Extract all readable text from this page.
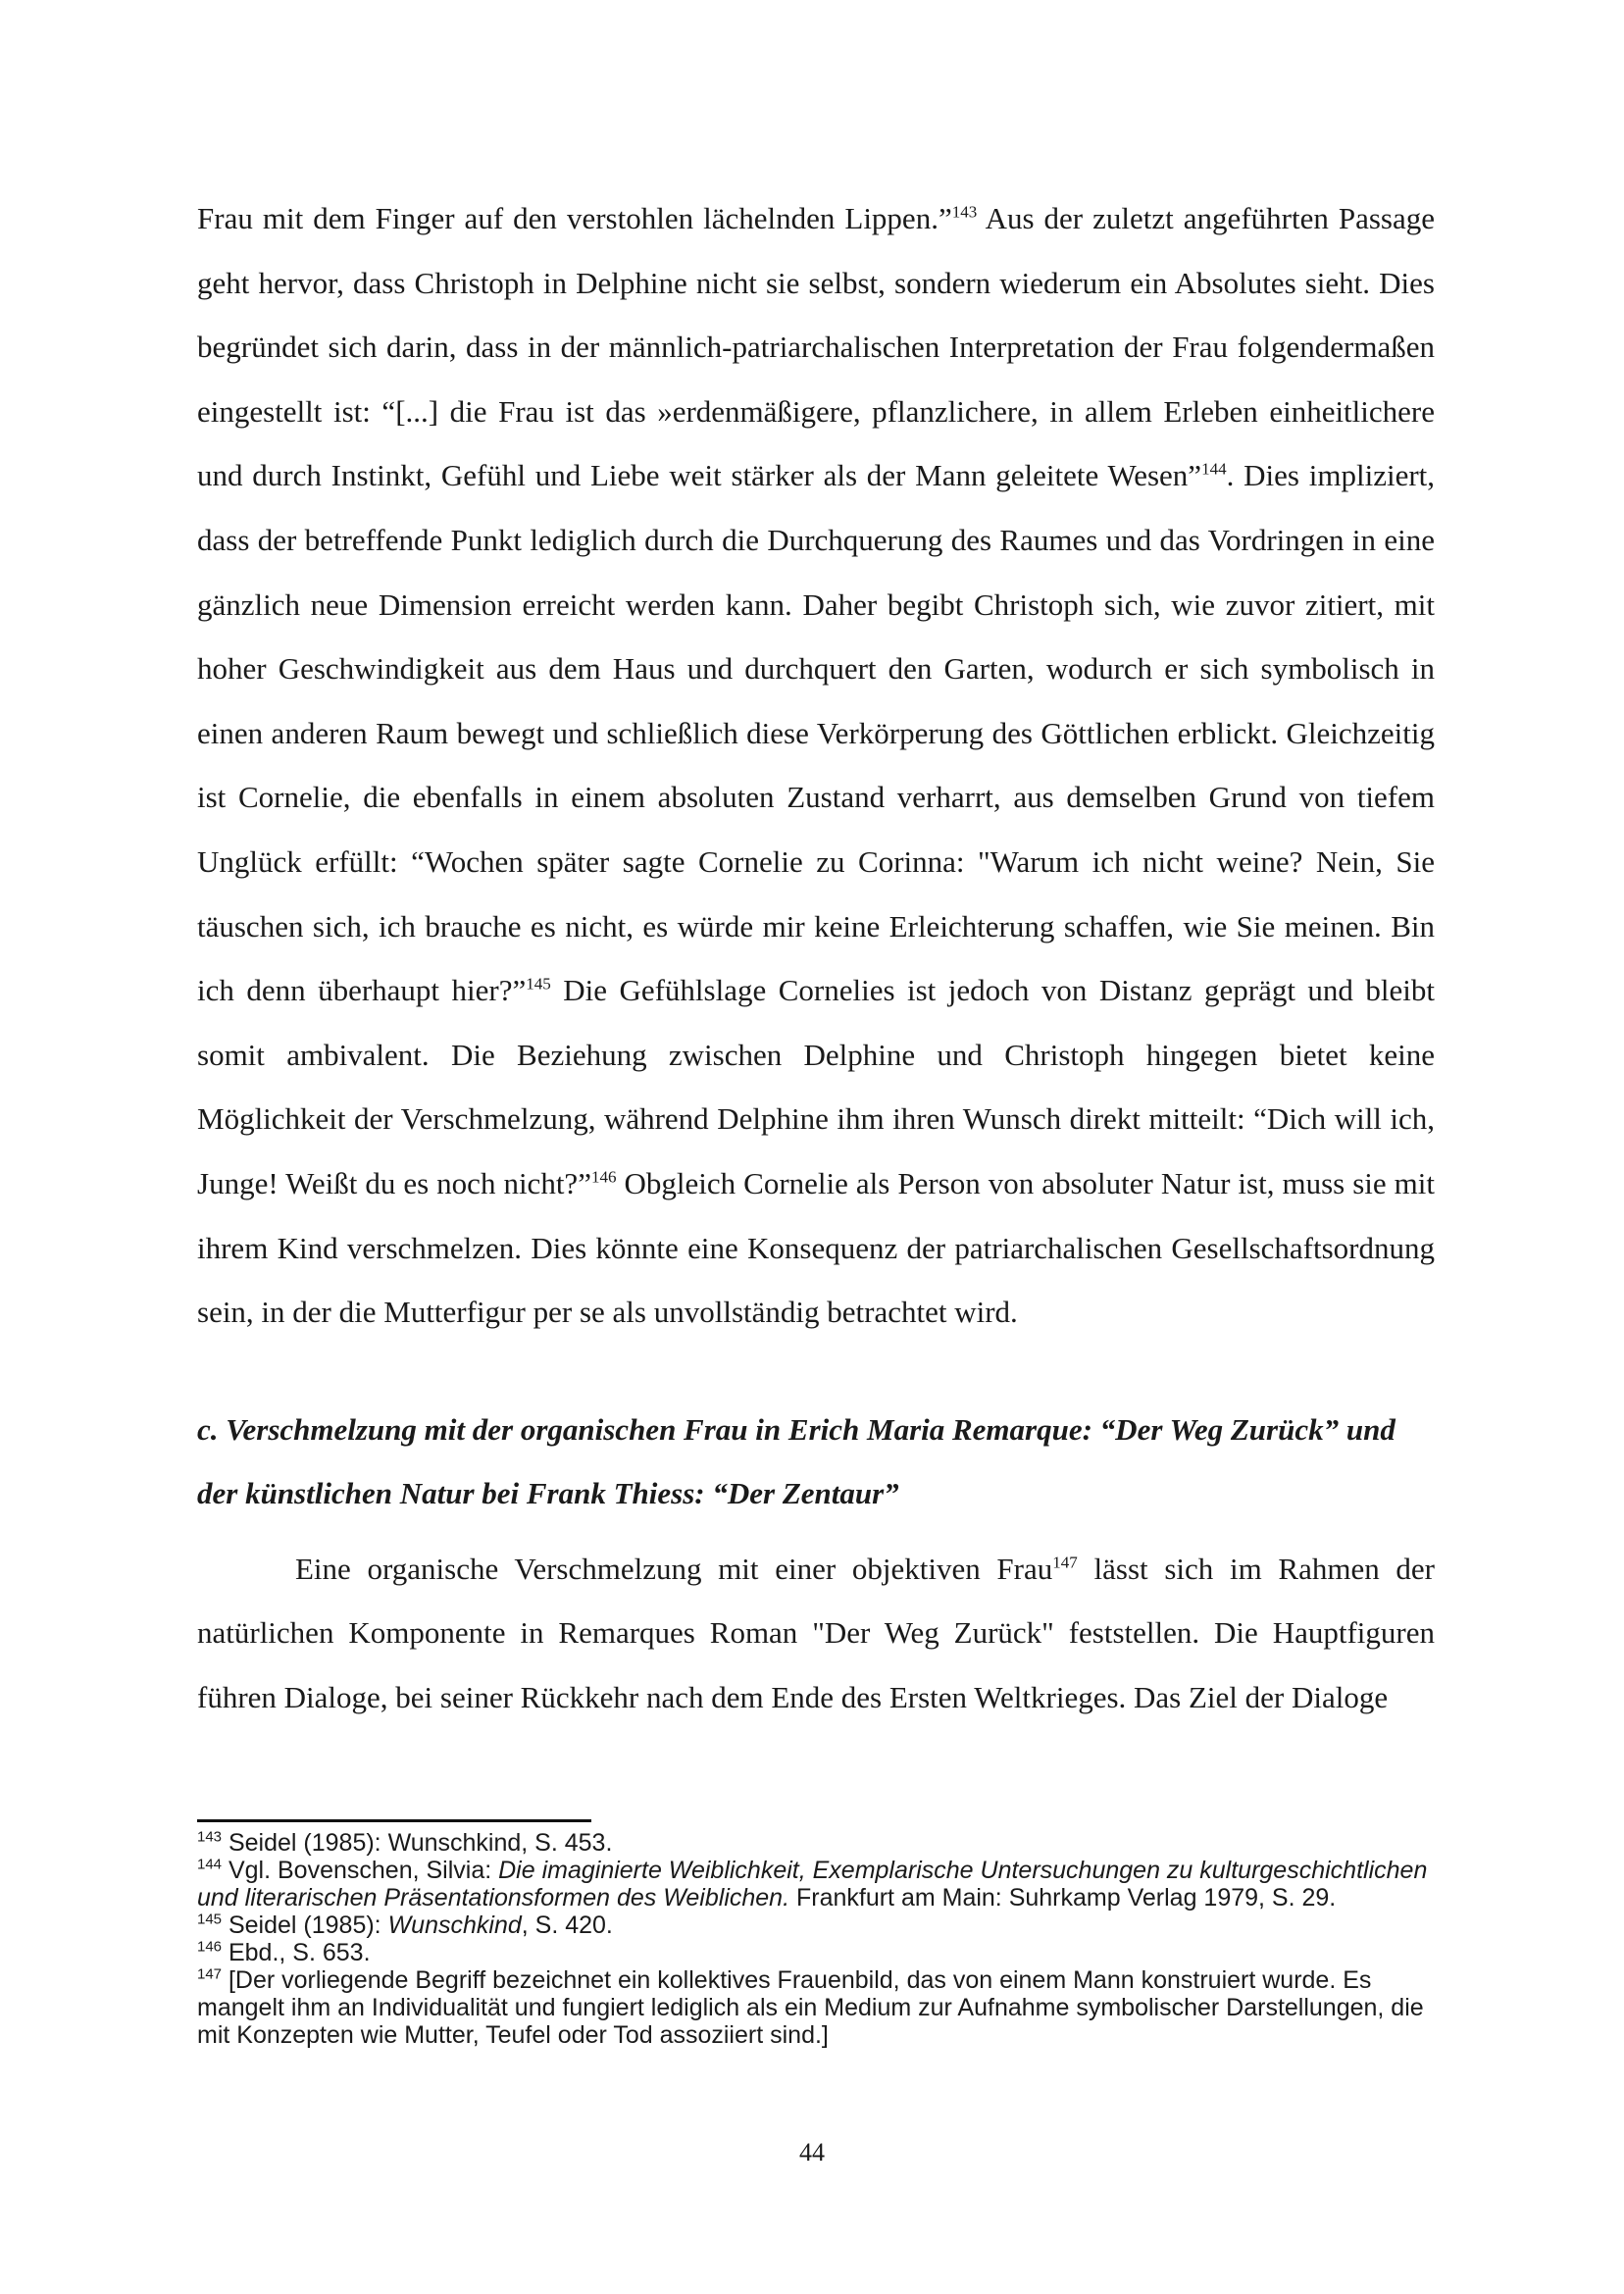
Frau mit dem Finger auf den verstohlen lächelnden Lippen.”$^{143}$ Aus der zuletzt angeführten Passage geht hervor, dass Christoph in Delphine nicht sie selbst, sondern wiederum ein Absolutes sieht. Dies begründet sich darin, dass in der männlich-patriarchalischen Interpretation der Frau folgendermaßen eingestellt ist: “[...] die Frau ist das »erdenmäßigere, pflanzlichere, in allem Erleben einheitlichere und durch Instinkt, Gefühl und Liebe weit stärker als der Mann geleitete Wesen”$^{144}$. Dies impliziert, dass der betreffende Punkt lediglich durch die Durchquerung des Raumes und das Vordringen in eine gänzlich neue Dimension erreicht werden kann. Daher begibt Christoph sich, wie zuvor zitiert, mit hoher Geschwindigkeit aus dem Haus und durchquert den Garten, wodurch er sich symbolisch in einen anderen Raum bewegt und schließlich diese Verkörperung des Göttlichen erblickt. Gleichzeitig ist Cornelie, die ebenfalls in einem absoluten Zustand verharrt, aus demselben Grund von tiefem Unglück erfüllt: “Wochen später sagte Cornelie zu Corinna: "Warum ich nicht weine? Nein, Sie täuschen sich, ich brauche es nicht, es würde mir keine Erleichterung schaffen, wie Sie meinen. Bin ich denn überhaupt hier?”$^{145}$ Die Gefühlslage Cornelies ist jedoch von Distanz geprägt und bleibt somit ambivalent. Die Beziehung zwischen Delphine und Christoph hingegen bietet keine Möglichkeit der Verschmelzung, während Delphine ihm ihren Wunsch direkt mitteilt: “Dich will ich, Junge! Weißt du es noch nicht?”$^{146}$ Obgleich Cornelie als Person von absoluter Natur ist, muss sie mit ihrem Kind verschmelzen. Dies könnte eine Konsequenz der patriarchalischen Gesellschaftsordnung sein, in der die Mutterfigur per se als unvollständig betrachtet wird.

c. Verschmelzung mit der organischen Frau in Erich Maria Remarque: “Der Weg Zurück” und der künstlichen Natur bei Frank Thiess: “Der Zentaur”

Eine organische Verschmelzung mit einer objektiven Frau$^{147}$ lässt sich im Rahmen der natürlichen Komponente in Remarques Roman "Der Weg Zurück" feststellen. Die Hauptfiguren führen Dialoge, bei seiner Rückkehr nach dem Ende des Ersten Weltkrieges. Das Ziel der Dialoge

$^{143}$ Seidel (1985): Wunschkind, S. 453.

$^{144}$ Vgl. Bovenschen, Silvia: Die imaginierte Weiblichkeit, Exemplarische Untersuchungen zu kulturgeschichtlichen und literarischen Präsentationsformen des Weiblichen. Frankfurt am Main: Suhrkamp Verlag 1979, S. 29.

$^{145}$ Seidel (1985): Wunschkind, S. 420.

$^{146}$ Ebd., S. 653.

$^{147}$ [Der vorliegende Begriff bezeichnet ein kollektives Frauenbild, das von einem Mann konstruiert wurde. Es mangelt ihm an Individualität und fungiert lediglich als ein Medium zur Aufnahme symbolischer Darstellungen, die mit Konzepten wie Mutter, Teufel oder Tod assoziiert sind.]

44
